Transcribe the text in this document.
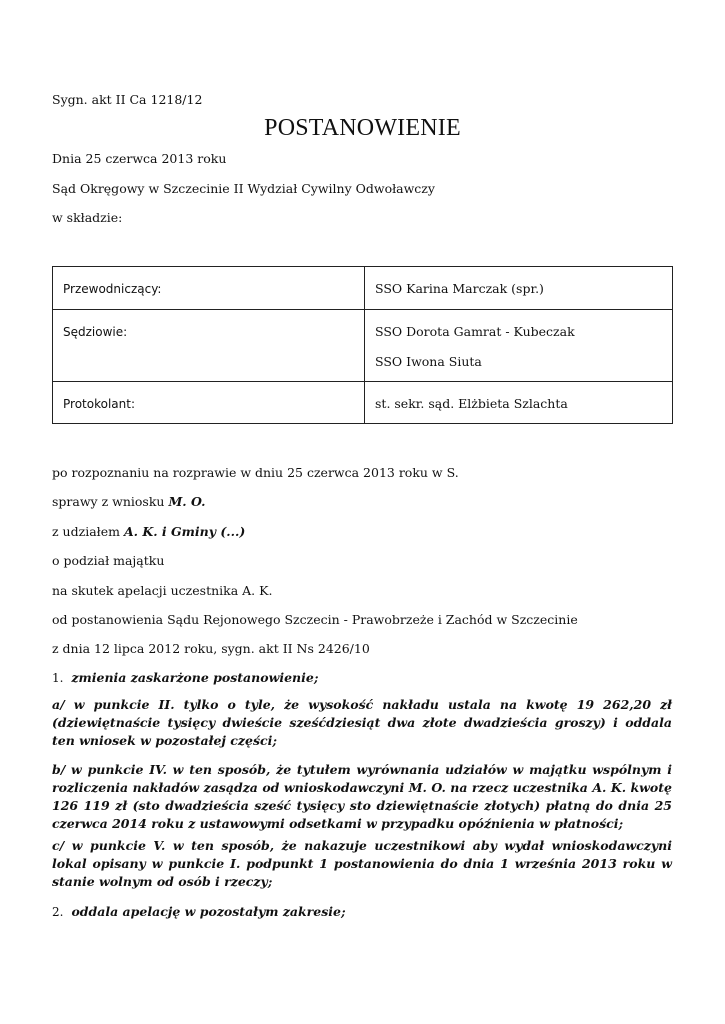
Sygn. akt II Ca 1218/12
POSTANOWIENIE
Dnia 25 czerwca 2013 roku
Sąd Okręgowy w Szczecinie II Wydział Cywilny Odwoławczy
w składzie:
Przewodniczący:	SSO Karina Marczak (spr.)

Sędziowie:	SSO Dorota Gamrat - Kubeczak
SSO Iwona Siuta

Protokolant:	st. sekr. sąd. Elżbieta Szlachta
po rozpoznaniu na rozprawie w dniu 25 czerwca 2013 roku w S.
sprawy z wniosku M. O.
z udziałem A. K. i Gminy (...)
o podział majątku
na skutek apelacji uczestnika A. K.
od postanowienia Sądu Rejonowego Szczecin - Prawobrzeże i Zachód w Szczecinie
z dnia 12 lipca 2012 roku, sygn. akt II Ns 2426/10
1. zmienia zaskarżone postanowienie;
a/ w punkcie II. tylko o tyle, że wysokość nakładu ustala na kwotę 19 262,20 zł (dziewiętnaście tysięcy dwieście sześćdziesiąt dwa złote dwadzieścia groszy) i oddala ten wniosek w pozostałej części;
b/ w punkcie IV. w ten sposób, że tytułem wyrównania udziałów w majątku wspólnym i rozliczenia nakładów zasądza od wnioskodawczyni M. O. na rzecz uczestnika A. K. kwotę 126 119 zł (sto dwadzieścia sześć tysięcy sto dziewiętnaście złotych) płatną do dnia 25 czerwca 2014 roku z ustawowymi odsetkami w przypadku opóźnienia w płatności;
c/ w punkcie V. w ten sposób, że nakazuje uczestnikowi aby wydał wnioskodawczyni lokal opisany w punkcie I. podpunkt 1 postanowienia do dnia 1 września 2013 roku w stanie wolnym od osób i rzeczy;
2. oddala apelację w pozostałym zakresie;
